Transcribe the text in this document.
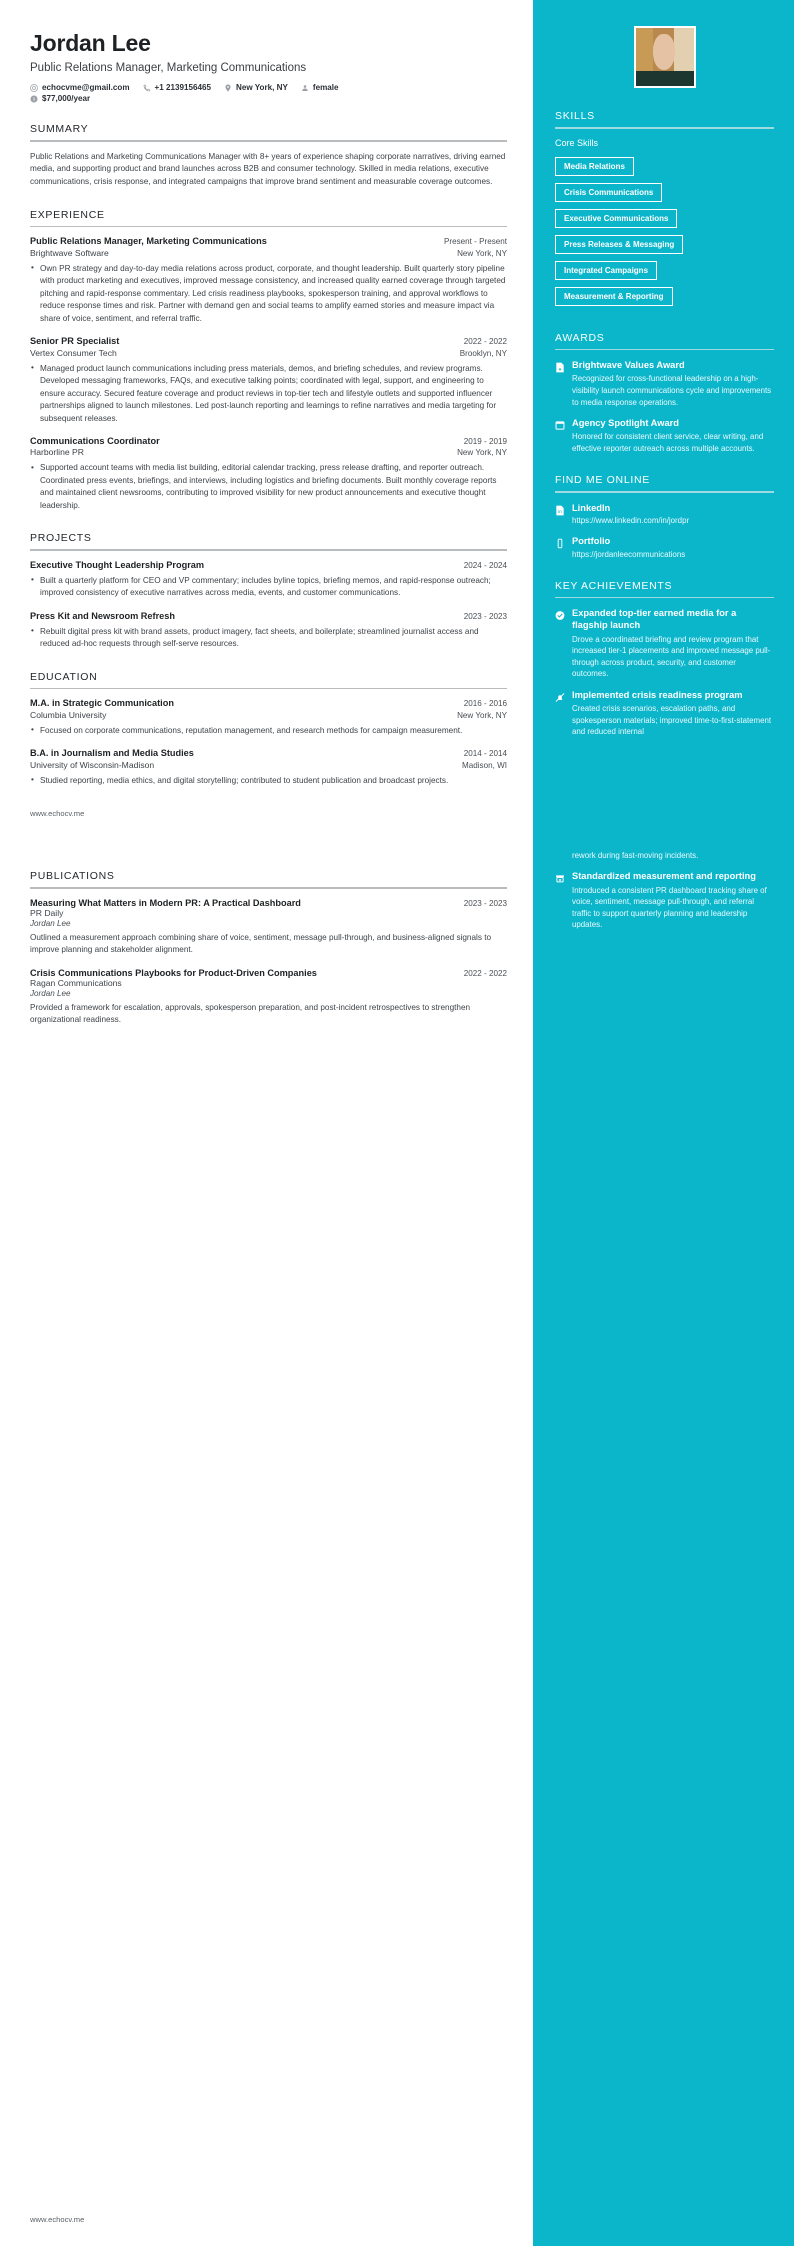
Jordan Lee
Public Relations Manager, Marketing Communications
echocvme@gmail.com	+1 2139156465	New York, NY	female
$77,000/year
SUMMARY
Public Relations and Marketing Communications Manager with 8+ years of experience shaping corporate narratives, driving earned media, and supporting product and brand launches across B2B and consumer technology. Skilled in media relations, executive communications, crisis response, and integrated campaigns that improve brand sentiment and measurable coverage outcomes.
EXPERIENCE
Public Relations Manager, Marketing Communications	Present - Present
Brightwave Software	New York, NY
• Own PR strategy and day-to-day media relations across product, corporate, and thought leadership. Built quarterly story pipeline with product marketing and executives, improved message consistency, and increased quality earned coverage through targeted pitching and rapid-response commentary. Led crisis readiness playbooks, spokesperson training, and approval workflows to reduce response times and risk. Partner with demand gen and social teams to amplify earned stories and measure impact via share of voice, sentiment, and referral traffic.
Senior PR Specialist	2022 - 2022
Vertex Consumer Tech	Brooklyn, NY
• Managed product launch communications including press materials, demos, and briefing schedules, and review programs. Developed messaging frameworks, FAQs, and executive talking points; coordinated with legal, support, and engineering to ensure accuracy. Secured feature coverage and product reviews in top-tier tech and lifestyle outlets and supported influencer partnerships aligned to launch milestones. Led post-launch reporting and learnings to refine narratives and media targeting for subsequent releases.
Communications Coordinator	2019 - 2019
Harborline PR	New York, NY
• Supported account teams with media list building, editorial calendar tracking, press release drafting, and reporter outreach. Coordinated press events, briefings, and interviews, including logistics and briefing documents. Built monthly coverage reports and maintained client newsrooms, contributing to improved visibility for new product announcements and executive thought leadership.
PROJECTS
Executive Thought Leadership Program	2024 - 2024
• Built a quarterly platform for CEO and VP commentary; includes byline topics, briefing memos, and rapid-response outreach; improved consistency of executive narratives across media, events, and customer communications.
Press Kit and Newsroom Refresh	2023 - 2023
• Rebuilt digital press kit with brand assets, product imagery, fact sheets, and boilerplate; streamlined journalist access and reduced ad-hoc requests through self-serve resources.
EDUCATION
M.A. in Strategic Communication	2016 - 2016
Columbia University	New York, NY
• Focused on corporate communications, reputation management, and research methods for campaign measurement.
B.A. in Journalism and Media Studies	2014 - 2014
University of Wisconsin-Madison	Madison, WI
• Studied reporting, media ethics, and digital storytelling; contributed to student publication and broadcast projects.
www.echocv.me
PUBLICATIONS
Measuring What Matters in Modern PR: A Practical Dashboard	2023 - 2023
PR Daily
Jordan Lee
Outlined a measurement approach combining share of voice, sentiment, message pull-through, and business-aligned signals to improve planning and stakeholder alignment.
Crisis Communications Playbooks for Product-Driven Companies	2022 - 2022
Ragan Communications
Jordan Lee
Provided a framework for escalation, approvals, spokesperson preparation, and post-incident retrospectives to strengthen organizational readiness.
www.echocv.me
SKILLS
Core Skills
Media Relations
Crisis Communications
Executive Communications
Press Releases & Messaging
Integrated Campaigns
Measurement & Reporting
AWARDS
Brightwave Values Award
Recognized for cross-functional leadership on a high-visibility launch communications cycle and improvements to media response operations.
Agency Spotlight Award
Honored for consistent client service, clear writing, and effective reporter outreach across multiple accounts.
FIND ME ONLINE
in LinkedIn
https://www.linkedin.com/in/jordpr
Portfolio
https://jordanleecommunications
KEY ACHIEVEMENTS
Expanded top-tier earned media for a flagship launch
Drove a coordinated briefing and review program that increased tier-1 placements and improved message pull-through across product, security, and customer outcomes.
Implemented crisis readiness program
Created crisis scenarios, escalation paths, and spokesperson materials; improved time-to-first-statement and reduced internal
rework during fast-moving incidents.
Standardized measurement and reporting
Introduced a consistent PR dashboard tracking share of voice, sentiment, message pull-through, and referral traffic to support quarterly planning and leadership updates.
